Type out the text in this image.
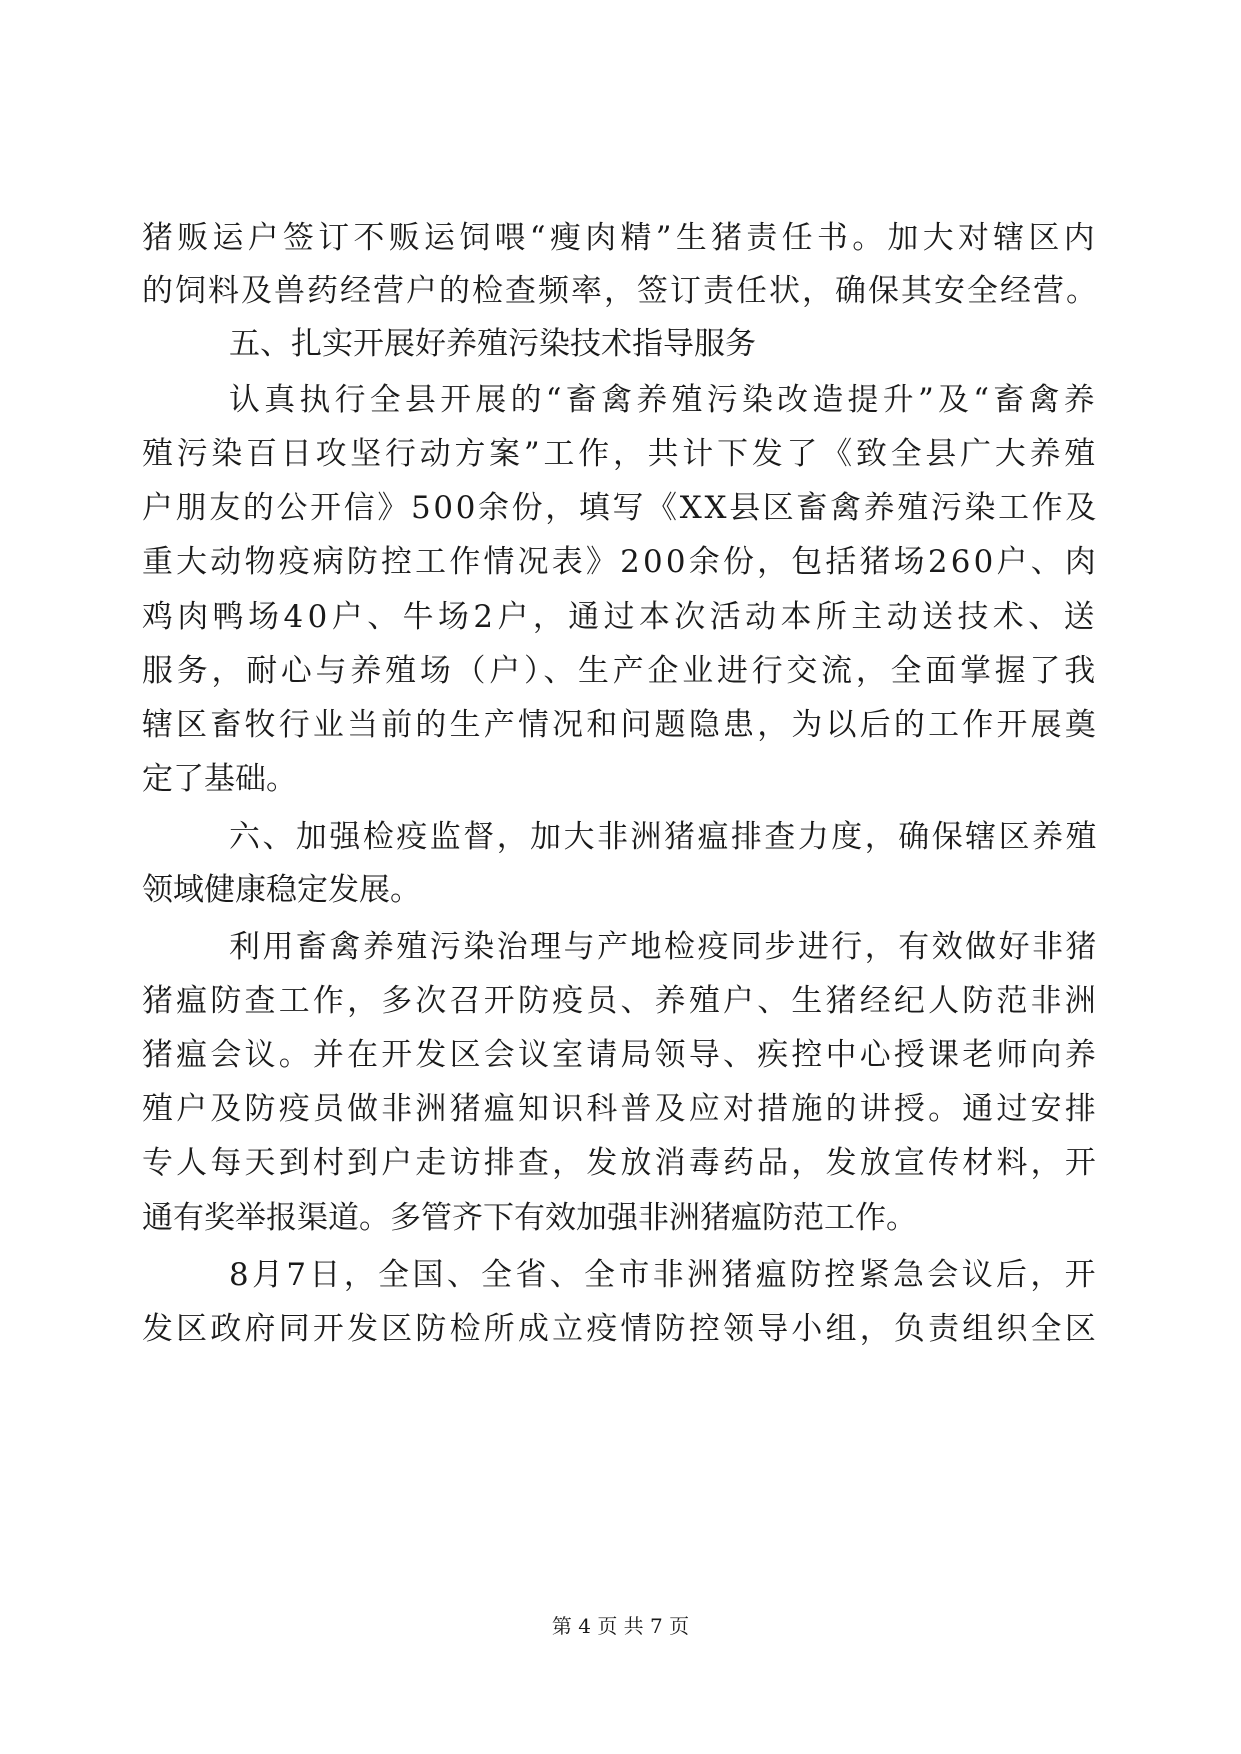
猪贩运户签订不贩运饲喂“瘦肉精”生猪责任书。加大对辖区内
的饲料及兽药经营户的检查频率，签订责任状，确保其安全经营。
五、扎实开展好养殖污染技术指导服务
认真执行全县开展的“畜禽养殖污染改造提升”及“畜禽养
殖污染百日攻坚行动方案”工作，共计下发了《致全县广大养殖
户朋友的公开信》500余份，填写《XX县区畜禽养殖污染工作及
重大动物疫病防控工作情况表》200余份，包括猪场260户、肉
鸡肉鸭场40户、牛场2户，通过本次活动本所主动送技术、送
服务，耐心与养殖场（户）、生产企业进行交流，全面掌握了我
辖区畜牧行业当前的生产情况和问题隐患，为以后的工作开展奠
定了基础。
六、加强检疫监督，加大非洲猪瘟排查力度，确保辖区养殖
领域健康稳定发展。
利用畜禽养殖污染治理与产地检疫同步进行，有效做好非猪
猪瘟防查工作，多次召开防疫员、养殖户、生猪经纪人防范非洲
猪瘟会议。并在开发区会议室请局领导、疾控中心授课老师向养
殖户及防疫员做非洲猪瘟知识科普及应对措施的讲授。通过安排
专人每天到村到户走访排查，发放消毒药品，发放宣传材料，开
通有奖举报渠道。多管齐下有效加强非洲猪瘟防范工作。
8月7日，全国、全省、全市非洲猪瘟防控紧急会议后，开
发区政府同开发区防检所成立疫情防控领导小组，负责组织全区
第 4 页 共 7 页
